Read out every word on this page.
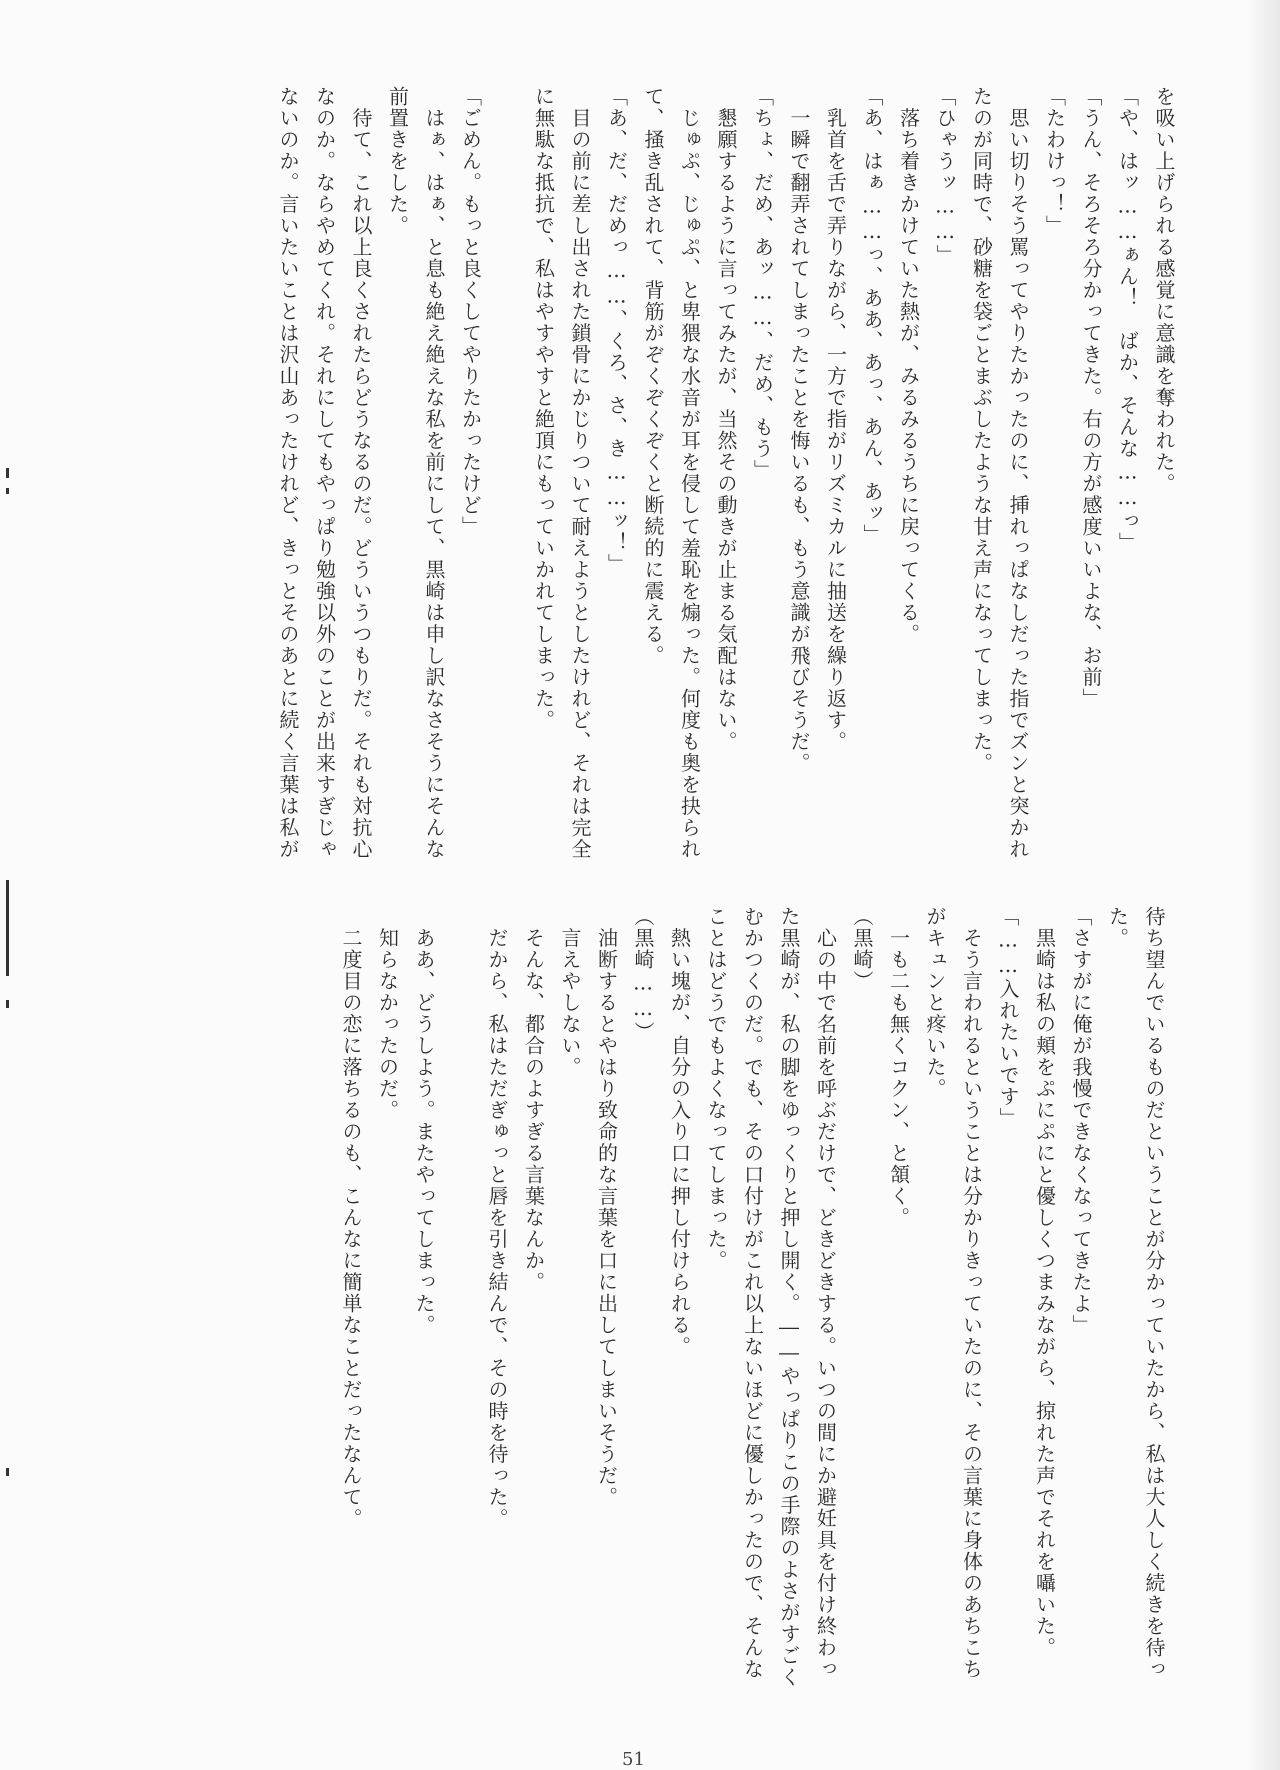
を吸い上げられる感覚に意識を奪われた。
「や、はッ……ぁん！　ばか、そんな……っ」
「うん、そろそろ分かってきた。右の方が感度いいよな、お前」
「たわけっ！」
　思い切りそう罵ってやりたかったのに、挿れっぱなしだった指でズンと突かれ
たのが同時で、砂糖を袋ごとまぶしたような甘え声になってしまった。
「ひゃうッ……」
　落ち着きかけていた熱が、みるみるうちに戻ってくる。
「あ、はぁ……っ、ああ、あっ、あん、あッ」
　乳首を舌で弄りながら、一方で指がリズミカルに抽送を繰り返す。
　一瞬で翻弄されてしまったことを悔いるも、もう意識が飛びそうだ。
「ちょ、だめ、あッ……、だめ、もう」
　懇願するように言ってみたが、当然その動きが止まる気配はない。
　じゅぷ、じゅぷ、と卑猥な水音が耳を侵して羞恥を煽った。何度も奥を抉られ
て、掻き乱されて、背筋がぞくぞくぞくと断続的に震える。
「あ、だ、だめっ……、くろ、さ、き……ッ！」
　目の前に差し出された鎖骨にかじりついて耐えようとしたけれど、それは完全
に無駄な抵抗で、私はやすやすと絶頂にもっていかれてしまった。

「ごめん。もっと良くしてやりたかったけど」
　はぁ、はぁ、と息も絶え絶えな私を前にして、黒崎は申し訳なさそうにそんな
前置きをした。
　待て、これ以上良くされたらどうなるのだ。どういうつもりだ。それも対抗心
なのか。ならやめてくれ。それにしてもやっぱり勉強以外のことが出来すぎじゃ
ないのか。言いたいことは沢山あったけれど、きっとそのあとに続く言葉は私が
待ち望んでいるものだということが分かっていたから、私は大人しく続きを待っ
た。
「さすがに俺が我慢できなくなってきたよ」
　黒崎は私の頬をぷにぷにと優しくつまみながら、掠れた声でそれを囁いた。
「……入れたいです」
　そう言われるということは分かりきっていたのに、その言葉に身体のあちこち
がキュンと疼いた。
　一も二も無くコクン、と頷く。
（黒崎）
　心の中で名前を呼ぶだけで、どきどきする。いつの間にか避妊具を付け終わっ
た黒崎が、私の脚をゆっくりと押し開く。――やっぱりこの手際のよさがすごく
むかつくのだ。でも、その口付けがこれ以上ないほどに優しかったので、そんな
ことはどうでもよくなってしまった。
　熱い塊が、自分の入り口に押し付けられる。
（黒崎……）
　油断するとやはり致命的な言葉を口に出してしまいそうだ。
　言えやしない。
　そんな、都合のよすぎる言葉なんか。
　だから、私はただぎゅっと唇を引き結んで、その時を待った。

　ああ、どうしよう。またやってしまった。
　知らなかったのだ。
　二度目の恋に落ちるのも、こんなに簡単なことだったなんて。
51
